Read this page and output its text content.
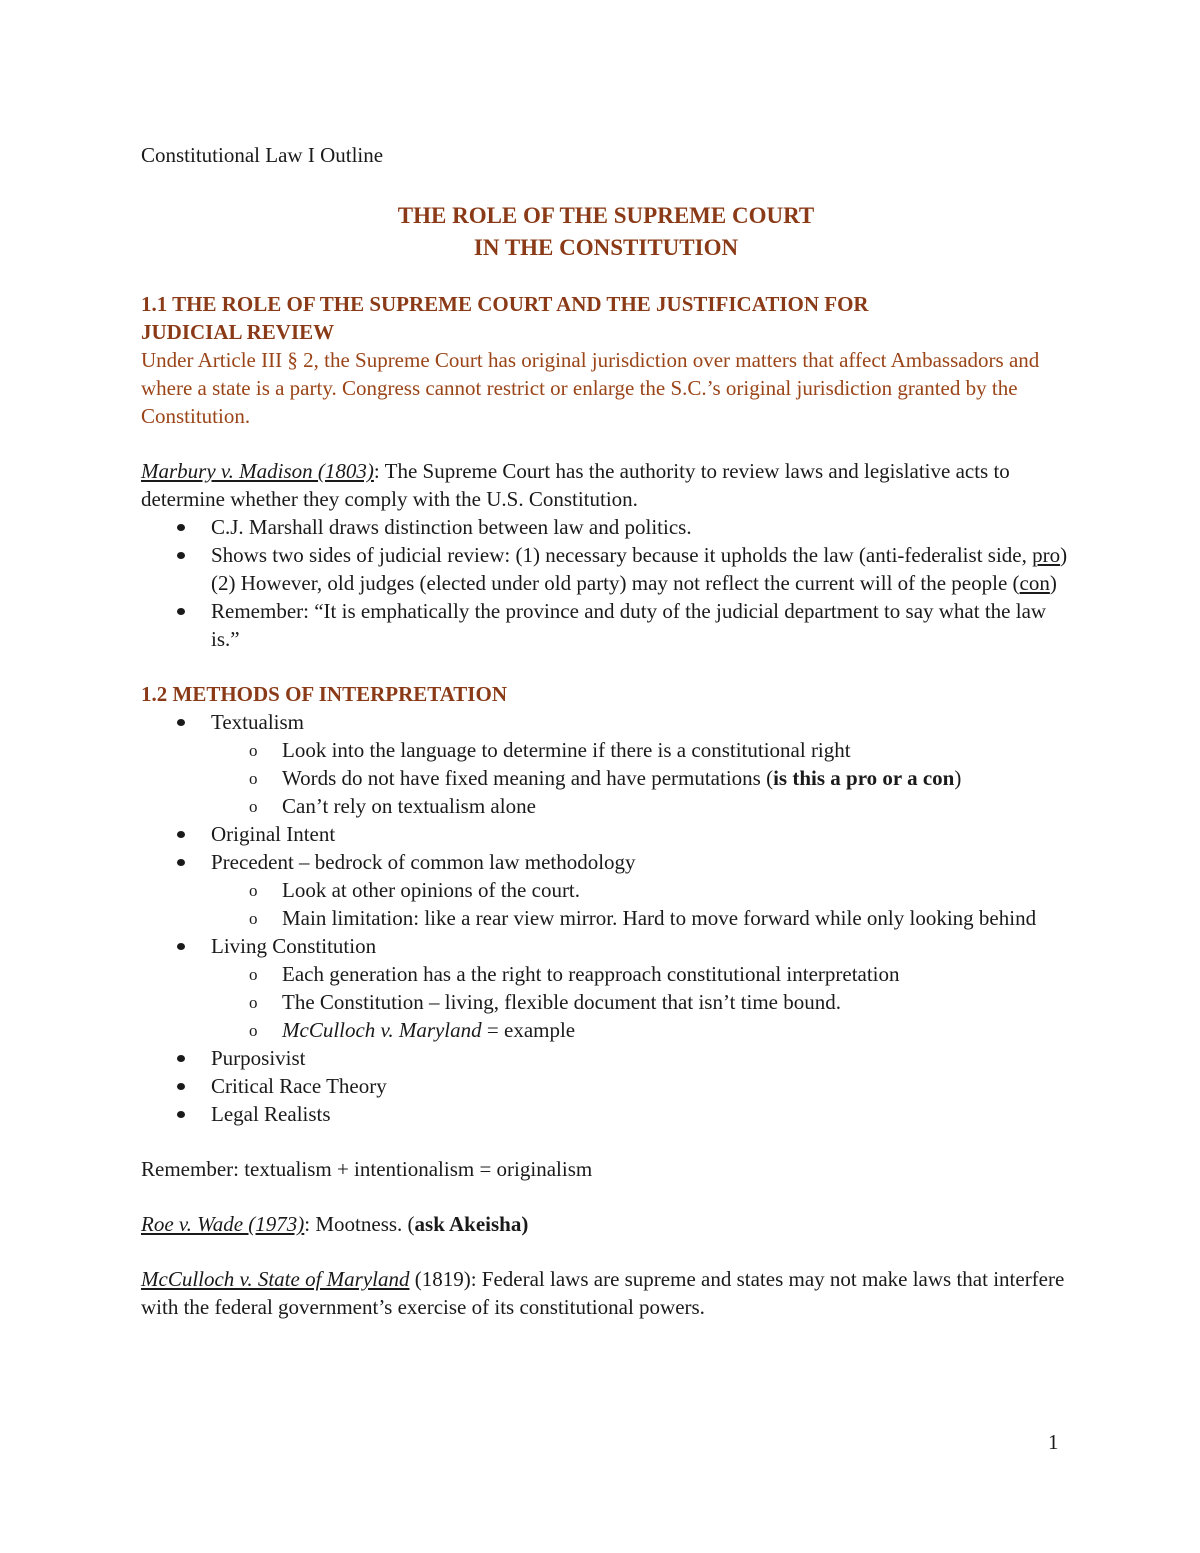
Constitutional Law I Outline

THE ROLE OF THE SUPREME COURT
IN THE CONSTITUTION
1.1 THE ROLE OF THE SUPREME COURT AND THE JUSTIFICATION FOR
JUDICIAL REVIEW

Under Article III § 2, the Supreme Court has original jurisdiction over matters that affect Ambassadors and where a state is a party. Congress cannot restrict or enlarge the S.C.’s original jurisdiction granted by the Constitution.

Marbury v. Madison (1803): The Supreme Court has the authority to review laws and legislative acts to determine whether they comply with the U.S. Constitution.

C.J. Marshall draws distinction between law and politics.
Shows two sides of judicial review: (1) necessary because it upholds the law (anti-federalist side, pro) (2) However, old judges (elected under old party) may not reflect the current will of the people (con)
Remember: “It is emphatically the province and duty of the judicial department to say what the law is.”
1.2 METHODS OF INTERPRETATION
Textualism
o Look into the language to determine if there is a constitutional right
o Words do not have fixed meaning and have permutations (is this a pro or a con)
o Can’t rely on textualism alone
Original Intent
Precedent – bedrock of common law methodology
o Look at other opinions of the court.
o Main limitation: like a rear view mirror. Hard to move forward while only looking behind
Living Constitution
o Each generation has a the right to reapproach constitutional interpretation
o The Constitution – living, flexible document that isn’t time bound.
o McCulloch v. Maryland = example
Purposivist
Critical Race Theory
Legal Realists

Remember: textualism + intentionalism = originalism

Roe v. Wade (1973): Mootness. (ask Akeisha)

McCulloch v. State of Maryland (1819): Federal laws are supreme and states may not make laws that interfere with the federal government’s exercise of its constitutional powers.

1
